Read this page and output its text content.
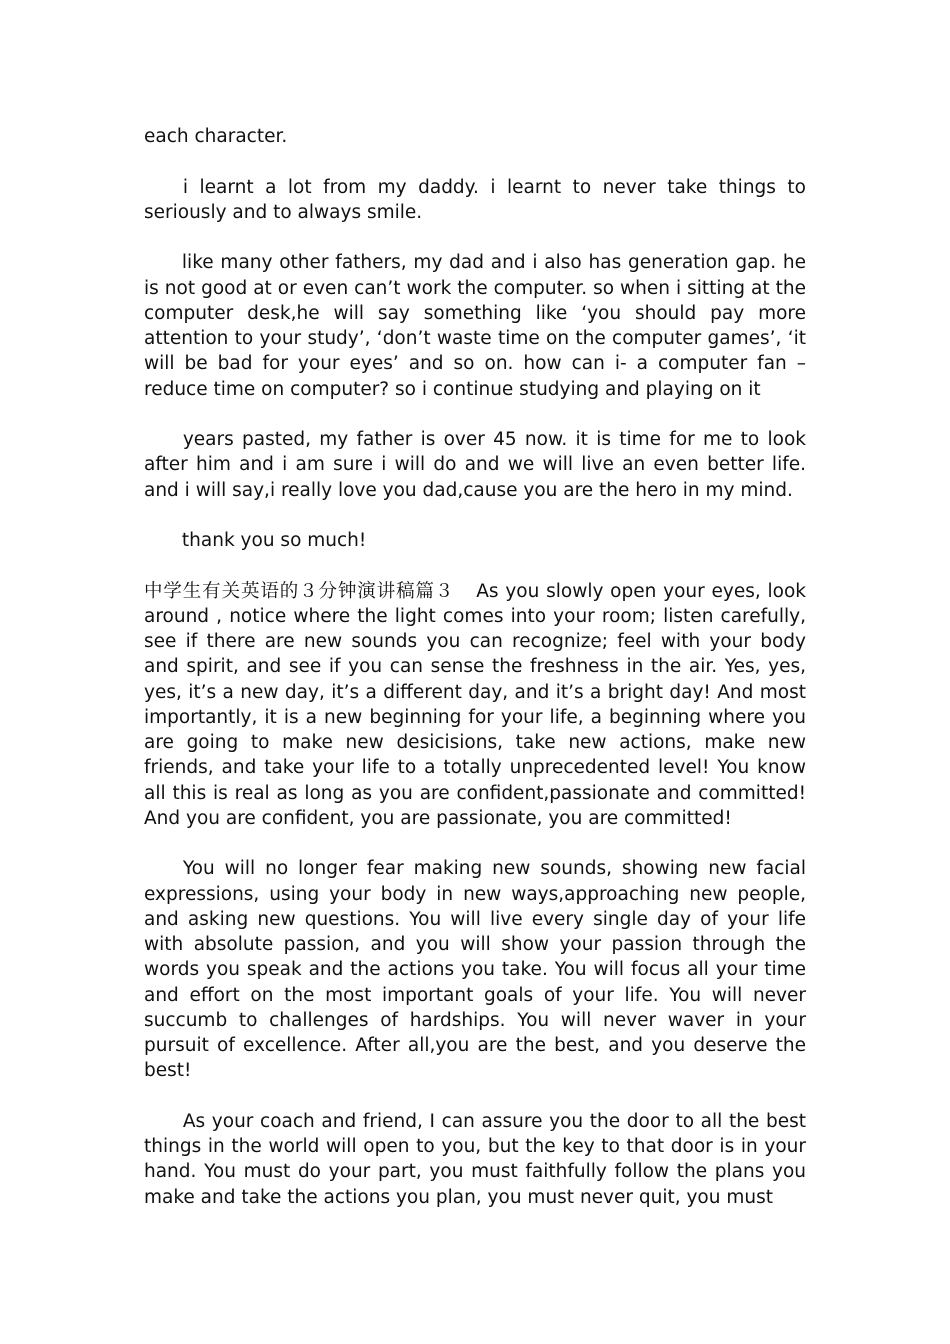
each character.

i learnt a lot from my daddy. i learnt to never take things to seriously and to always smile.

like many other fathers, my dad and i also has generation gap. he is not good at or even can’t work the computer. so when i sitting at the computer desk,he will say something like ‘you should pay more attention to your study’, ‘don’t waste time on the computer games’, ‘it will be bad for your eyes’ and so on. how can i- a computer fan – reduce time on computer? so i continue studying and playing on it

years pasted, my father is over 45 now. it is time for me to look after him and i am sure i will do and we will live an even better life. and i will say,i really love you dad,cause you are the hero in my mind.

thank you so much!

中学生有关英语的３分钟演讲稿篇３ As you slowly open your eyes, look around , notice where the light comes into your room; listen carefully, see if there are new sounds you can recognize; feel with your body and spirit, and see if you can sense the freshness in the air. Yes, yes, yes, it’s a new day, it’s a different day, and it’s a bright day! And most importantly, it is a new beginning for your life, a beginning where you are going to make new desicisions, take new actions, make new friends, and take your life to a totally unprecedented level! You know all this is real as long as you are confident,passionate and committed! And you are confident, you are passionate, you are committed!

You will no longer fear making new sounds, showing new facial expressions, using your body in new ways,approaching new people, and asking new questions. You will live every single day of your life with absolute passion, and you will show your passion through the words you speak and the actions you take. You will focus all your time and effort on the most important goals of your life. You will never succumb to challenges of hardships. You will never waver in your pursuit of excellence. After all,you are the best, and you deserve the best!

As your coach and friend, I can assure you the door to all the best things in the world will open to you, but the key to that door is in your hand. You must do your part, you must faithfully follow the plans you make and take the actions you plan, you must never quit, you must
